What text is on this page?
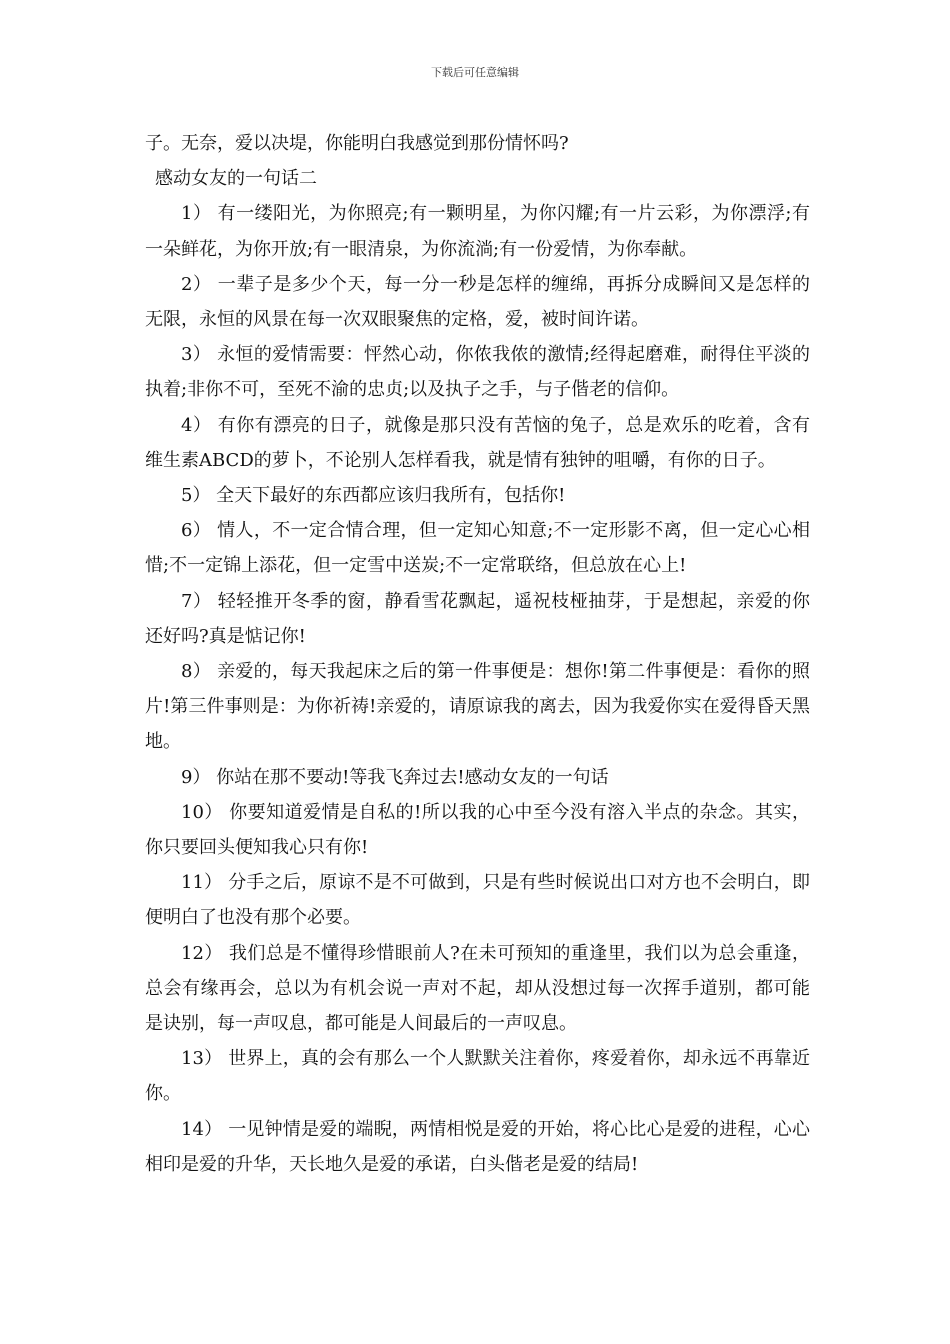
下载后可任意编辑

子。无奈，爱以决堤，你能明白我感觉到那份情怀吗?

感动女友的一句话二

1） 有一缕阳光，为你照亮;有一颗明星，为你闪耀;有一片云彩，为你漂浮;有一朵鲜花，为你开放;有一眼清泉，为你流淌;有一份爱情，为你奉献。

2） 一辈子是多少个天，每一分一秒是怎样的缠绵，再拆分成瞬间又是怎样的无限，永恒的风景在每一次双眼聚焦的定格，爱，被时间许诺。

3） 永恒的爱情需要：怦然心动，你侬我侬的激情;经得起磨难，耐得住平淡的执着;非你不可，至死不渝的忠贞;以及执子之手，与子偕老的信仰。

4） 有你有漂亮的日子，就像是那只没有苦恼的兔子，总是欢乐的吃着，含有维生素ABCD的萝卜，不论别人怎样看我，就是情有独钟的咀嚼，有你的日子。

5） 全天下最好的东西都应该归我所有，包括你!

6） 情人，不一定合情合理，但一定知心知意;不一定形影不离，但一定心心相惜;不一定锦上添花，但一定雪中送炭;不一定常联络，但总放在心上!

7） 轻轻推开冬季的窗，静看雪花飘起，遥祝枝桠抽芽，于是想起，亲爱的你还好吗?真是惦记你!

8） 亲爱的，每天我起床之后的第一件事便是：想你!第二件事便是：看你的照片!第三件事则是：为你祈祷!亲爱的，请原谅我的离去，因为我爱你实在爱得昏天黑地。

9） 你站在那不要动!等我飞奔过去!感动女友的一句话

10） 你要知道爱情是自私的!所以我的心中至今没有溶入半点的杂念。其实，你只要回头便知我心只有你!

11） 分手之后，原谅不是不可做到，只是有些时候说出口对方也不会明白，即便明白了也没有那个必要。

12） 我们总是不懂得珍惜眼前人?在未可预知的重逢里，我们以为总会重逢，总会有缘再会，总以为有机会说一声对不起，却从没想过每一次挥手道别，都可能是诀别，每一声叹息，都可能是人间最后的一声叹息。

13） 世界上，真的会有那么一个人默默关注着你，疼爱着你，却永远不再靠近你。

14） 一见钟情是爱的端睨，两情相悦是爱的开始，将心比心是爱的进程，心心相印是爱的升华，天长地久是爱的承诺，白头偕老是爱的结局!
